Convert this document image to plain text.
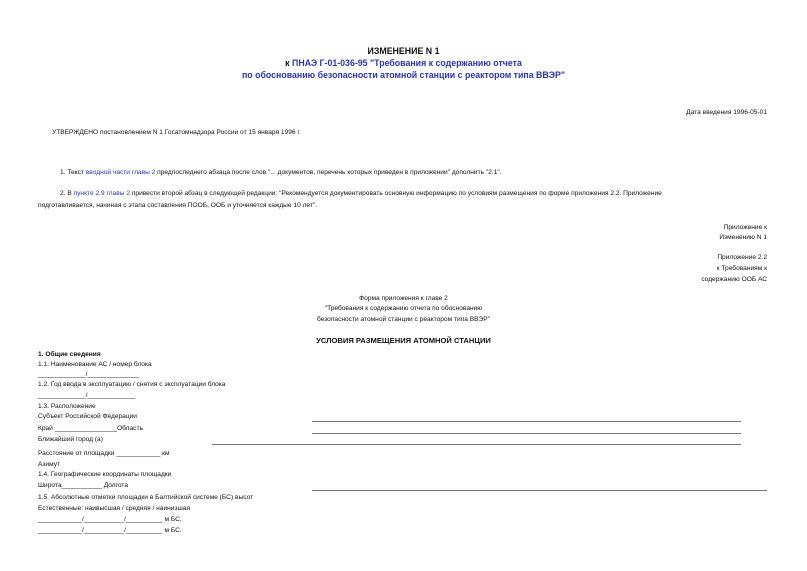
ИЗМЕНЕНИЕ N 1
к ПНАЭ Г-01-036-95 "Требования к содержанию отчета
по обоснованию безопасности атомной станции с реактором типа ВВЭР"
Дата введения 1996-05-01
УТВЕРЖДЕНО постановлением N 1 Госатомнадзора России от 15 января 1996 г.
1. Текст вводной части главы 2 предпоследнего абзаца после слов "... документов, перечень которых приведен в приложении" дополнить "2.1".
2. В пункте 2.9 главы 2 привести второй абзац в следующей редакции: "Рекомендуется документировать основную информацию по условиям размещения по форме приложения 2.2. Приложение
подготавливается, начиная с этапа составления ПООБ, ООБ и уточняется каждые 10 лет".
Приложение к
Изменению N 1
Приложение 2.2
к Требованиям к
содержанию ООБ АС
Форма приложения к главе 2
"Требования к содержанию отчета по обоснованию
безопасности атомной станции с реактором типа ВВЭР"
УСЛОВИЯ РАЗМЕЩЕНИЯ АТОМНОЙ СТАНЦИИ
1. Общие сведения
1.1. Наименование АС / номер блока
_____________/______________
1.2. Год ввода в эксплуатацию / снятия с эксплуатации блока
_____________/_____________
1.3. Расположение
Субъект Российской Федерации
Край _________________Область
Ближайший город (а)
Расстояние от площадки ____________ км
Азимут
1.4. Географические координаты площадки
Широта___________ Долгота
1.5. Абсолютные отметки площадки в Балтийской системе (БС) высот
Естественные: наивысшая / средняя / наинизшая
____________/___________/__________ м БС,
____________/___________/__________ м БС.
